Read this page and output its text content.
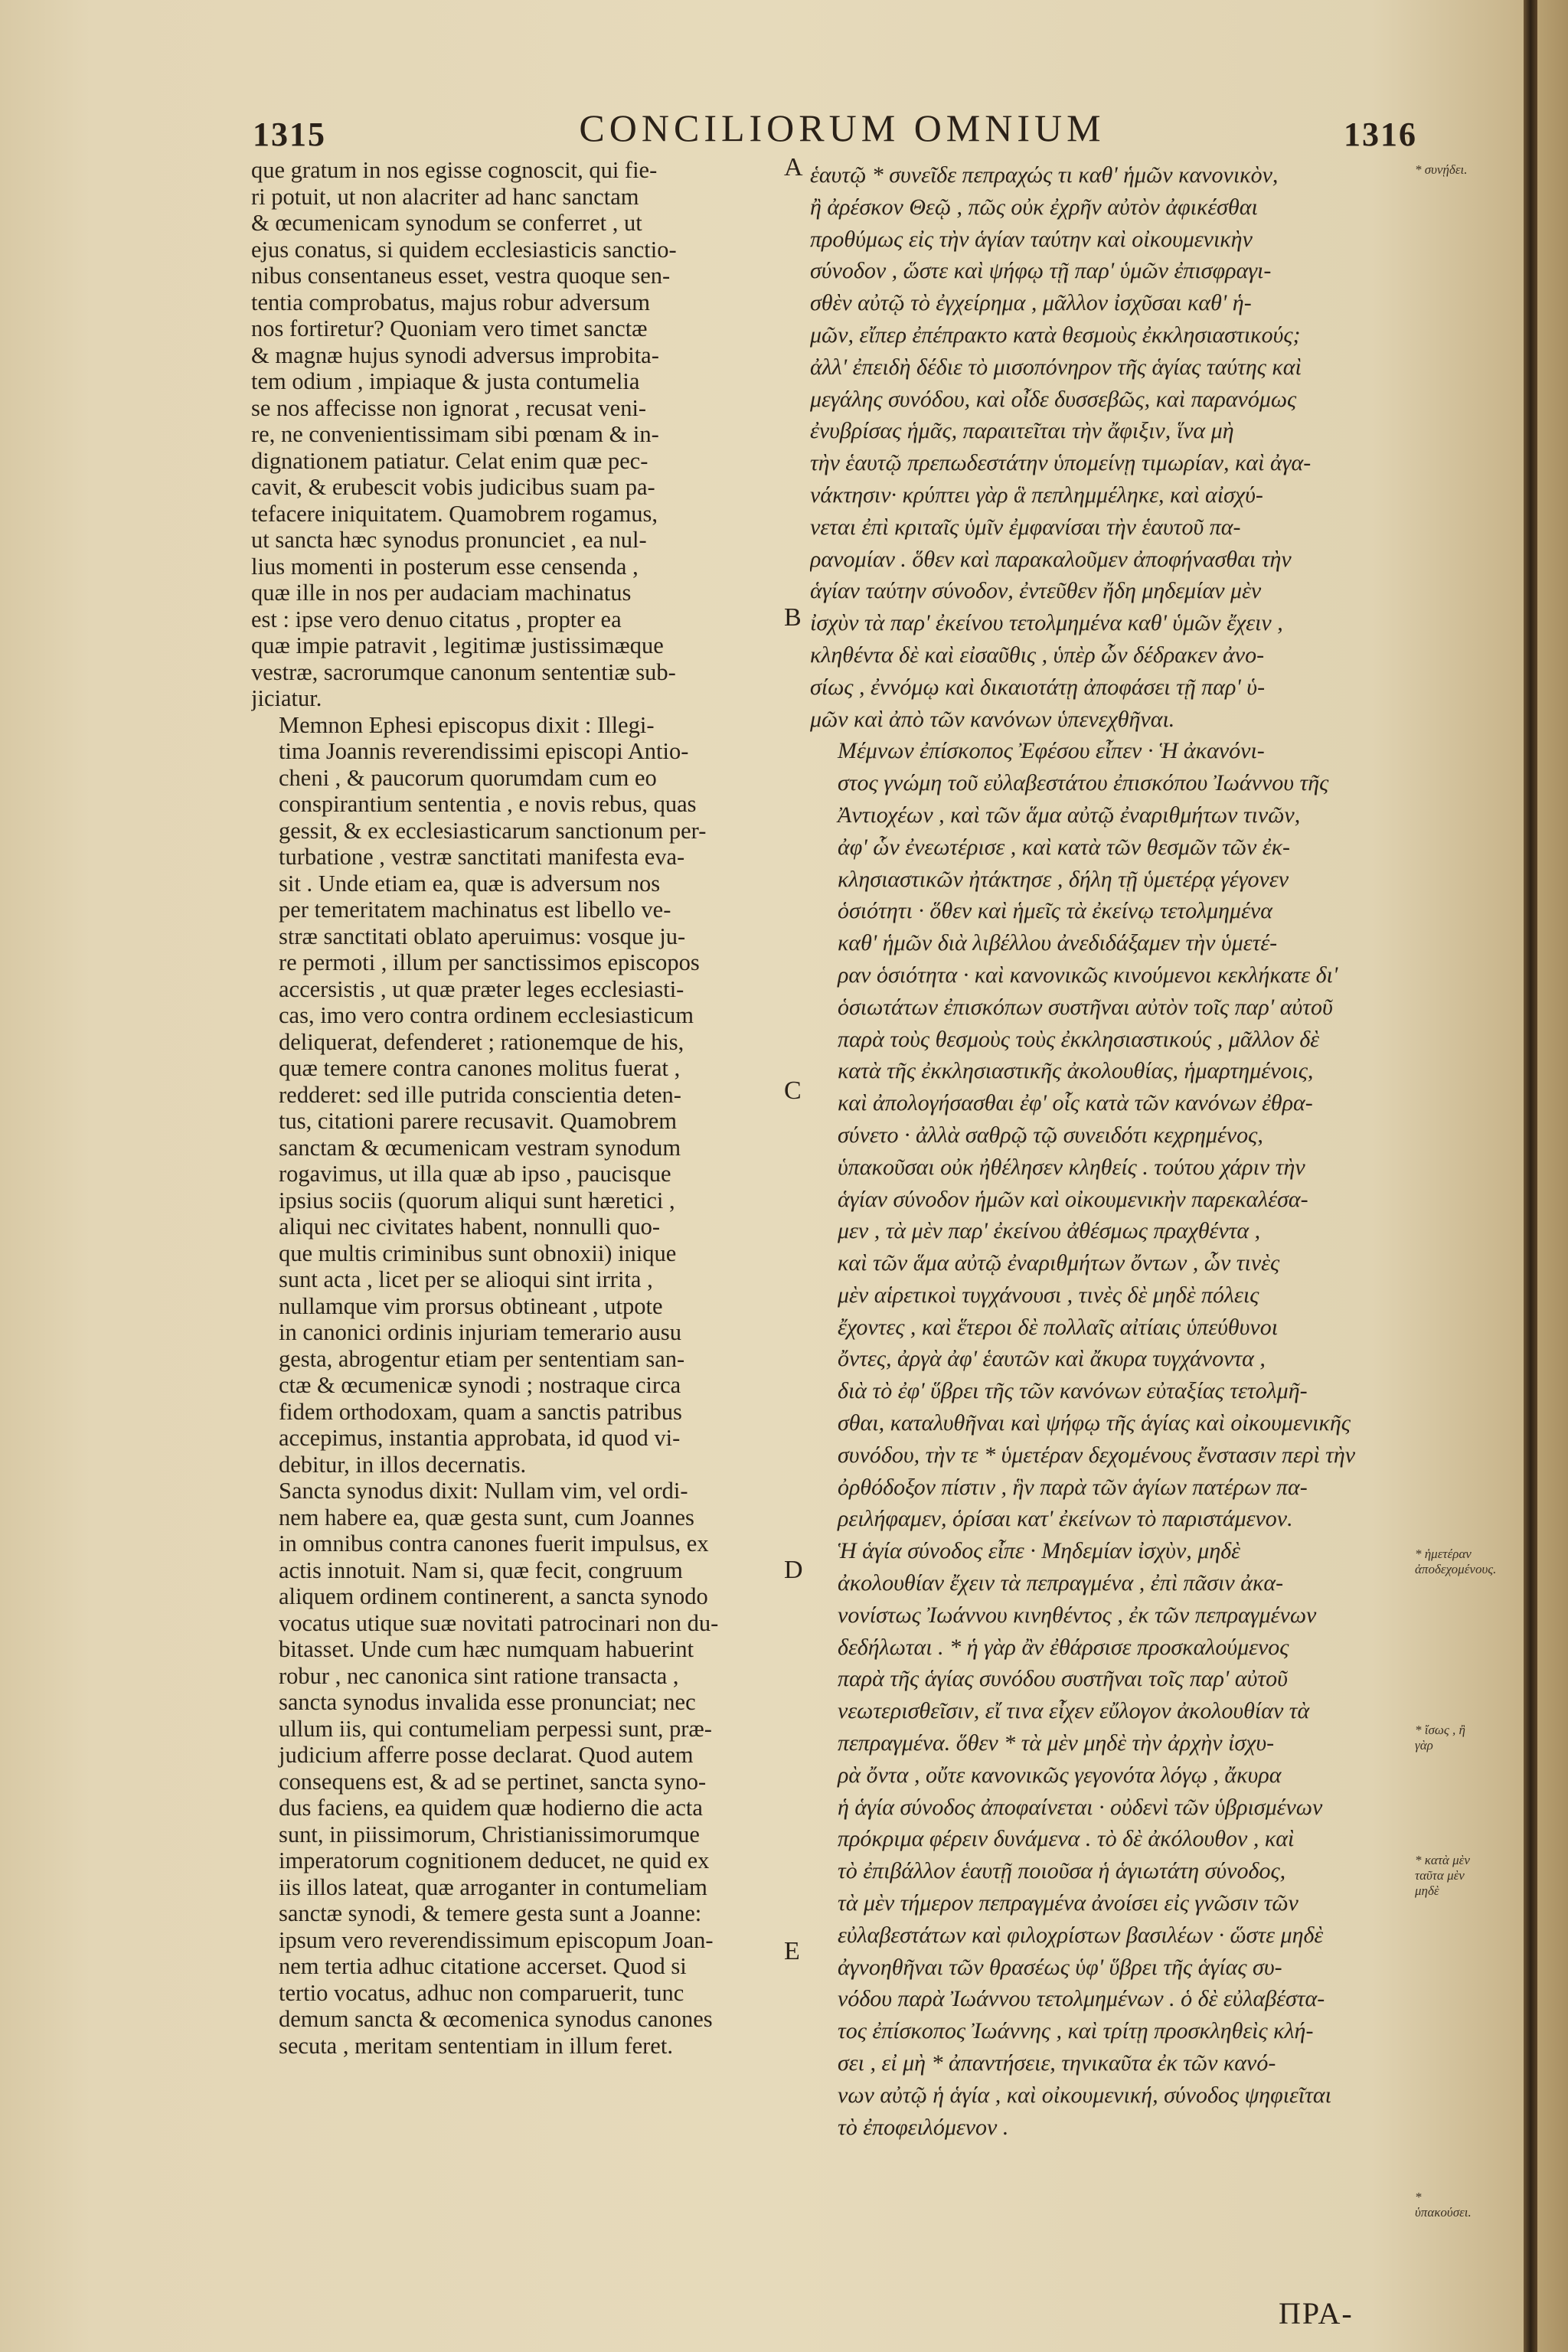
1315	CONCILIORUM OMNIUM	1316

que gratum in nos egisse cognoscit, qui fie-
ri potuit, ut non alacriter ad hanc sanctam
& œcumenicam synodum se conferret , ut
ejus conatus, si quidem ecclesiasticis sanctio-
nibus consentaneus esset, vestra quoque sen-
tentia comprobatus, majus robur adversum
nos fortiretur? Quoniam vero timet sanctæ
& magnæ hujus synodi adversus improbita-
tem odium , impiaque & justa contumelia
se nos affecisse non ignorat , recusat veni-
re, ne convenientissimam sibi pœnam & in-
dignationem patiatur. Celat enim quæ pec-
cavit, & erubescit vobis judicibus suam pa-
tefacere iniquitatem. Quamobrem rogamus,
ut sancta hæc synodus pronunciet , ea nul-
lius momenti in posterum esse censenda ,
quæ ille in nos per audaciam machinatus
est : ipse vero denuo citatus , propter ea
quæ impie patravit , legitimæ justissimæque
vestræ, sacrorumque canonum sententiæ sub-
jiciatur.

Memnon Ephesi episcopus dixit : Illegi-
tima Joannis reverendissimi episcopi Antio-
cheni , & paucorum quorumdam cum eo
conspirantium sententia , e novis rebus, quas
gessit, & ex ecclesiasticarum sanctionum per-
turbatione , vestræ sanctitati manifesta eva-
sit . Unde etiam ea, quæ is adversum nos
per temeritatem machinatus est libello ve-
stræ sanctitati oblato aperuimus: vosque ju-
re permoti , illum per sanctissimos episcopos
accersistis , ut quæ præter leges ecclesiasti-
cas, imo vero contra ordinem ecclesiasticum
deliquerat, defenderet ; rationemque de his,
quæ temere contra canones molitus fuerat ,
redderet: sed ille putrida conscientia deten-
tus, citationi parere recusavit. Quamobrem
sanctam & œcumenicam vestram synodum
rogavimus, ut illa quæ ab ipso , paucisque
ipsius sociis (quorum aliqui sunt hæretici ,
aliqui nec civitates habent, nonnulli quo-
que multis criminibus sunt obnoxii) inique
sunt acta , licet per se alioqui sint irrita ,
nullamque vim prorsus obtineant , utpote
in canonici ordinis injuriam temerario ausu
gesta, abrogentur etiam per sententiam san-
ctæ & œcumenicæ synodi ; nostraque circa
fidem orthodoxam, quam a sanctis patribus
accepimus, instantia approbata, id quod vi-
debitur, in illos decernatis.

Sancta synodus dixit: Nullam vim, vel ordi-
nem habere ea, quæ gesta sunt, cum Joannes
in omnibus contra canones fuerit impulsus, ex
actis innotuit. Nam si, quæ fecit, congruum
aliquem ordinem continerent, a sancta synodo
vocatus utique suæ novitati patrocinari non du-
bitasset. Unde cum hæc numquam habuerint
robur , nec canonica sint ratione transacta ,
sancta synodus invalida esse pronunciat; nec
ullum iis, qui contumeliam perpessi sunt, præ-
judicium afferre posse declarat. Quod autem
consequens est, & ad se pertinet, sancta syno-
dus faciens, ea quidem quæ hodierno die acta
sunt, in piissimorum, Christianissimorumque
imperatorum cognitionem deducet, ne quid ex
iis illos lateat, quæ arroganter in contumeliam
sanctæ synodi, & temere gesta sunt a Joanne:
ipsum vero reverendissimum episcopum Joan-
nem tertia adhuc citatione accerset. Quod si
tertio vocatus, adhuc non comparuerit, tunc
demum sancta & œcomenica synodus canones
secuta , meritam sententiam in illum feret.

ἑαυτῷ * συνεῖδε πεπραχώς τι καθ' ἡμῶν κανονικὸν,
ἢ ἀρέσκον Θεῷ , πῶς οὐκ ἐχρῆν αὐτὸν ἀφικέσθαι
προθύμως εἰς τὴν ἁγίαν ταύτην καὶ οἰκουμενικὴν
σύνοδον , ὥστε καὶ ψήφῳ τῇ παρ' ὑμῶν ἐπισφραγι-
σθὲν αὐτῷ τὸ ἐγχείρημα , μᾶλλον ἰσχῦσαι καθ' ἡ-
μῶν, εἴπερ ἐπέπρακτο κατὰ θεσμοὺς ἐκκλησιαστικούς;
ἀλλ' ἐπειδὴ δέδιε τὸ μισοπόνηρον τῆς ἁγίας ταύτης καὶ
μεγάλης συνόδου, καὶ οἶδε δυσσεβῶς, καὶ παρανόμως
ἐνυβρίσας ἡμᾶς, παραιτεῖται τὴν ἄφιξιν, ἵνα μὴ
τὴν ἑαυτῷ πρεπωδεστάτην ὑπομείνῃ τιμωρίαν, καὶ ἀγα-
νάκτησιν· κρύπτει γὰρ ἃ πεπλημμέληκε, καὶ αἰσχύ-
νεται ἐπὶ κριταῖς ὑμῖν ἐμφανίσαι τὴν ἑαυτοῦ πα-
ρανομίαν . ὅθεν καὶ παρακαλοῦμεν ἀποφήνασθαι τὴν
ἁγίαν ταύτην σύνοδον, ἐντεῦθεν ἤδη μηδεμίαν μὲν
ἰσχὺν τὰ παρ' ἐκείνου τετολμημένα καθ' ὑμῶν ἔχειν ,
κληθέντα δὲ καὶ εἰσαῦθις , ὑπὲρ ὧν δέδρακεν ἀνο-
σίως , ἐννόμῳ καὶ δικαιοτάτῃ ἀποφάσει τῇ παρ' ὑ-
μῶν καὶ ἀπὸ τῶν κανόνων ὑπενεχθῆναι.

Μέμνων ἐπίσκοπος Ἐφέσου εἶπεν · Ἡ ἀκανόνι-
στος γνώμη τοῦ εὐλαβεστάτου ἐπισκόπου Ἰωάννου τῆς
Ἀντιοχέων , καὶ τῶν ἅμα αὐτῷ ἐναριθμήτων τινῶν,
ἀφ' ὧν ἐνεωτέρισε , καὶ κατὰ τῶν θεσμῶν τῶν ἐκ-
κλησιαστικῶν ἠτάκτησε , δήλη τῇ ὑμετέρᾳ γέγονεν
ὁσιότητι · ὅθεν καὶ ἡμεῖς τὰ ἐκείνῳ τετολμημένα
καθ' ἡμῶν διὰ λιβέλλου ἀνεδιδάξαμεν τὴν ὑμετέ-
ραν ὁσιότητα · καὶ κανονικῶς κινούμενοι κεκλήκατε δι'
ὁσιωτάτων ἐπισκόπων συστῆναι αὐτὸν τοῖς παρ' αὐτοῦ
παρὰ τοὺς θεσμοὺς τοὺς ἐκκλησιαστικούς , μᾶλλον δὲ
κατὰ τῆς ἐκκλησιαστικῆς ἀκολουθίας, ἡμαρτημένοις,
καὶ ἀπολογήσασθαι ἐφ' οἷς κατὰ τῶν κανόνων ἐθρα-
σύνετο · ἀλλὰ σαθρῷ τῷ συνειδότι κεχρημένος,
ὑπακοῦσαι οὐκ ἠθέλησεν κληθείς . τούτου χάριν τὴν
ἁγίαν σύνοδον ἡμῶν καὶ οἰκουμενικὴν παρεκαλέσα-
μεν , τὰ μὲν παρ' ἐκείνου ἀθέσμως πραχθέντα ,
καὶ τῶν ἅμα αὐτῷ ἐναριθμήτων ὄντων , ὧν τινὲς
μὲν αἱρετικοὶ τυγχάνουσι , τινὲς δὲ μηδὲ πόλεις
ἔχοντες , καὶ ἕτεροι δὲ πολλαῖς αἰτίαις ὑπεύθυνοι
ὄντες, ἀργὰ ἀφ' ἑαυτῶν καὶ ἄκυρα τυγχάνοντα ,
διὰ τὸ ἐφ' ὕβρει τῆς τῶν κανόνων εὐταξίας τετολμῆ-
σθαι, καταλυθῆναι καὶ ψήφῳ τῆς ἁγίας καὶ οἰκουμενικῆς
συνόδου, τὴν τε * ὑμετέραν δεχομένους ἔνστασιν περὶ τὴν
ὀρθόδοξον πίστιν , ἣν παρὰ τῶν ἁγίων πατέρων πα-
ρειλήφαμεν, ὁρίσαι κατ' ἐκείνων τὸ παριστάμενον.

Ἡ ἁγία σύνοδος εἶπε · Μηδεμίαν ἰσχὺν, μηδὲ
ἀκολουθίαν ἔχειν τὰ πεπραγμένα , ἐπὶ πᾶσιν ἀκα-
νονίστως Ἰωάννου κινηθέντος , ἐκ τῶν πεπραγμένων
δεδήλωται . * ἡ γὰρ ἂν ἐθάρσισε προσκαλούμενος
παρὰ τῆς ἁγίας συνόδου συστῆναι τοῖς παρ' αὐτοῦ
νεωτερισθεῖσιν, εἴ τινα εἶχεν εὔλογον ἀκολουθίαν τὰ
πεπραγμένα. ὅθεν * τὰ μὲν μηδὲ τὴν ἀρχὴν ἰσχυ-
ρὰ ὄντα , οὔτε κανονικῶς γεγονότα λόγῳ , ἄκυρα
ἡ ἁγία σύνοδος ἀποφαίνεται · οὐδενὶ τῶν ὑβρισμένων
πρόκριμα φέρειν δυνάμενα . τὸ δὲ ἀκόλουθον , καὶ
τὸ ἐπιβάλλον ἑαυτῇ ποιοῦσα ἡ ἁγιωτάτη σύνοδος,
τὰ μὲν τήμερον πεπραγμένα ἀνοίσει εἰς γνῶσιν τῶν
εὐλαβεστάτων καὶ φιλοχρίστων βασιλέων · ὥστε μηδὲ
ἀγνοηθῆναι τῶν θρασέως ὑφ' ὕβρει τῆς ἁγίας συ-
νόδου παρὰ Ἰωάννου τετολμημένων . ὁ δὲ εὐλαβέστα-
τος ἐπίσκοπος Ἰωάννης , καὶ τρίτῃ προσκληθεὶς κλή-
σει , εἰ μὴ * ἀπαντήσειε, τηνικαῦτα ἐκ τῶν κανό-
νων αὐτῷ ἡ ἁγία , καὶ οἰκουμενική, σύνοδος ψηφιεῖται
τὸ ἐποφειλόμενον .

A
B
C
D
E
* συνῄδει.
* ἡμετέραν ἀποδεχομένους.
* ἴσως , ἢ γὰρ
* κατὰ μὲν ταῦτα μὲν μηδὲ
* ὑπακούσει.
ΠΡΑ-
